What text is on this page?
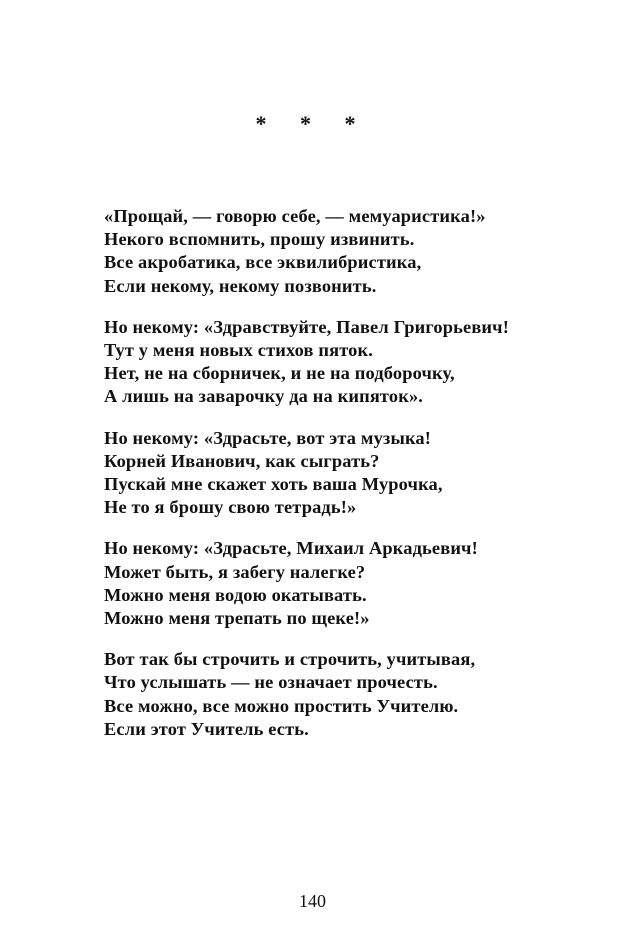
* * *
«Прощай, — говорю себе, — мемуаристика!»
Некого вспомнить, прошу извинить.
Все акробатика, все эквилибристика,
Если некому, некому позвонить.
Но некому: «Здравствуйте, Павел Григорьевич!
Тут у меня новых стихов пяток.
Нет, не на сборничек, и не на подборочку,
А лишь на заварочку да на кипяток».
Но некому: «Здрасьте, вот эта музыка!
Корней Иванович, как сыграть?
Пускай мне скажет хоть ваша Мурочка,
Не то я брошу свою тетрадь!»
Но некому: «Здрасьте, Михаил Аркадьевич!
Может быть, я забегу налегке?
Можно меня водою окатывать.
Можно меня трепать по щеке!»
Вот так бы строчить и строчить, учитывая,
Что услышать — не означает прочесть.
Все можно, все можно простить Учителю.
Если этот Учитель есть.
140
